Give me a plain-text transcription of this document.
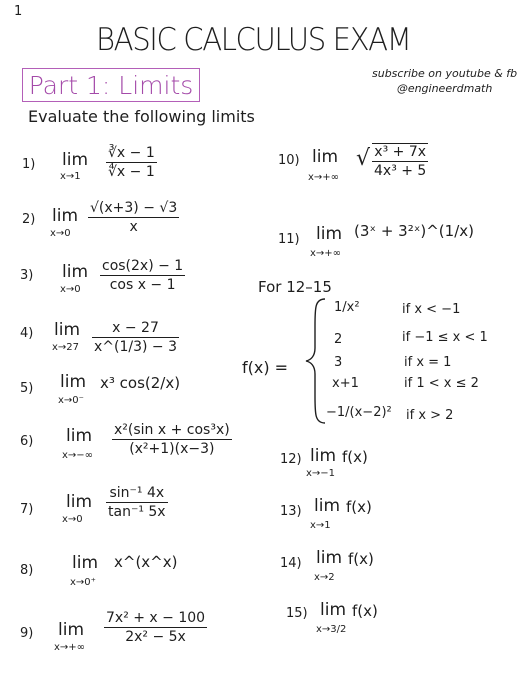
1
BASIC CALCULUS EXAM
Part 1: Limits	subscribe on youtube & fb
@engineerdmath
Evaluate the following limits
1) lim
x→1
∛x − 1
∜x − 1
2) lim
x→0
√(x+3) − √3
x
3) lim
x→0
cos(2x) − 1
cos x − 1
4) lim
x→27
x − 27
x^(1/3) − 3
5) lim
x→0⁻
x³ cos(2/x)
6) lim
x→−∞
x²(sin x + cos³x)
(x²+1)(x−3)
7) lim
x→0
sin⁻¹ 4x
tan⁻¹ 5x
8) lim
x→0⁺
x^(x^x)
9) lim
x→+∞
7x² + x − 100
2x² − 5x
10) lim
x→+∞
√ x³ + 7x
4x³ + 5
11) lim
x→+∞
(3ˣ + 3²ˣ)^(1/x)
For 12–15
f(x) =
1/x²	if x < −1
2	if −1 ≤ x < 1
3	if x = 1
x+1	if 1 < x ≤ 2
−1/(x−2)² if x > 2
12) lim
x→−1
f(x)
13) lim
x→1
f(x)
14) lim
x→2
f(x)
15) lim
x→3/2
f(x)
